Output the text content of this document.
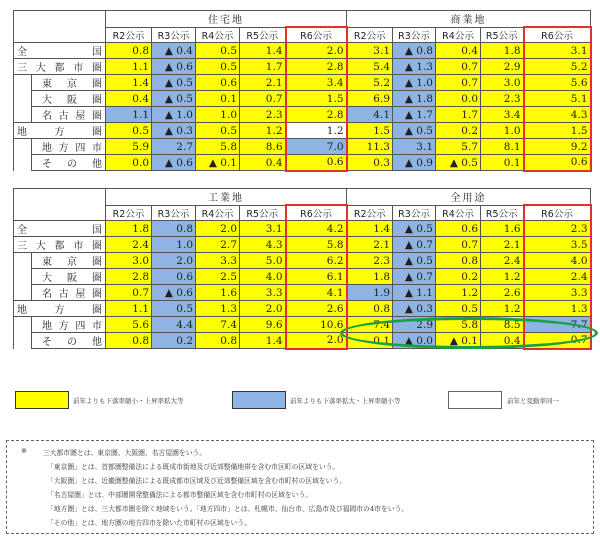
		住宅地					商業地				
		R2公示	R3公示	R4公示	R5公示	R6公示	R2公示	R3公示	R4公示	R5公示	R6公示

全 国		0.8	▲ 0.4	0.5	1.4	2.0	3.1	▲ 0.8	0.4	1.8	3.1

三 大 都 市 圏		1.1	▲ 0.6	0.5	1.7	2.8	5.4	▲ 1.3	0.7	2.9	5.2

	東 京 圏	1.4	▲ 0.5	0.6	2.1	3.4	5.2	▲ 1.0	0.7	3.0	5.6

	大 阪 圏	0.4	▲ 0.5	0.1	0.7	1.5	6.9	▲ 1.8	0.0	2.3	5.1

	名 古 屋 圏	1.1	▲ 1.0	1.0	2.3	2.8	4.1	▲ 1.7	1.7	3.4	4.3

地 方 圏		0.5	▲ 0.3	0.5	1.2	1.2	1.5	▲ 0.5	0.2	1.0	1.5

	地 方 四 市	5.9	2.7	5.8	8.6	7.0	11.3	3.1	5.7	8.1	9.2

	そ の 他	0.0	▲ 0.6	▲ 0.1	0.4	0.6	0.3	▲ 0.9	▲ 0.5	0.1	0.6
		工業地					全用途				
		R2公示	R3公示	R4公示	R5公示	R6公示	R2公示	R3公示	R4公示	R5公示	R6公示

全 国		1.8	0.8	2.0	3.1	4.2	1.4	▲ 0.5	0.6	1.6	2.3

三 大 都 市 圏		2.4	1.0	2.7	4.3	5.8	2.1	▲ 0.7	0.7	2.1	3.5

	東 京 圏	3.0	2.0	3.3	5.0	6.2	2.3	▲ 0.5	0.8	2.4	4.0

	大 阪 圏	2.8	0.6	2.5	4.0	6.1	1.8	▲ 0.7	0.2	1.2	2.4

	名 古 屋 圏	0.7	▲ 0.6	1.6	3.3	4.1	1.9	▲ 1.1	1.2	2.6	3.3

地 方 圏		1.1	0.5	1.3	2.0	2.6	0.8	▲ 0.3	0.5	1.2	1.3

	地 方 四 市	5.6	4.4	7.4	9.6	10.6	7.4	2.9	5.8	8.5	7.7

	そ の 他	0.8	0.2	0.8	1.4	2.0	0.1	▲ 0.0	▲ 0.1	0.4	0.7
前年よりも下落率縮小・上昇率拡大等	前年よりも下落率拡大・上昇率縮小等	前年と変動率同一
※ 三大都市圏とは、東京圏、大阪圏、名古屋圏をいう。
「東京圏」とは、首都圏整備法による既成市街地及び近郊整備地帯を含む市区町の区域をいう。
「大阪圏」とは、近畿圏整備法による既成都市区域及び近郊整備区域を含む市町村の区域をいう。
「名古屋圏」とは、中部圏開発整備法による都市整備区域を含む市町村の区域をいう。
「地方圏」とは、三大都市圏を除く地域をいう。「地方四市」とは、札幌市、仙台市、広島市及び福岡市の4市をいう。
「その他」とは、地方圏の地方四市を除いた市町村の区域をいう。
